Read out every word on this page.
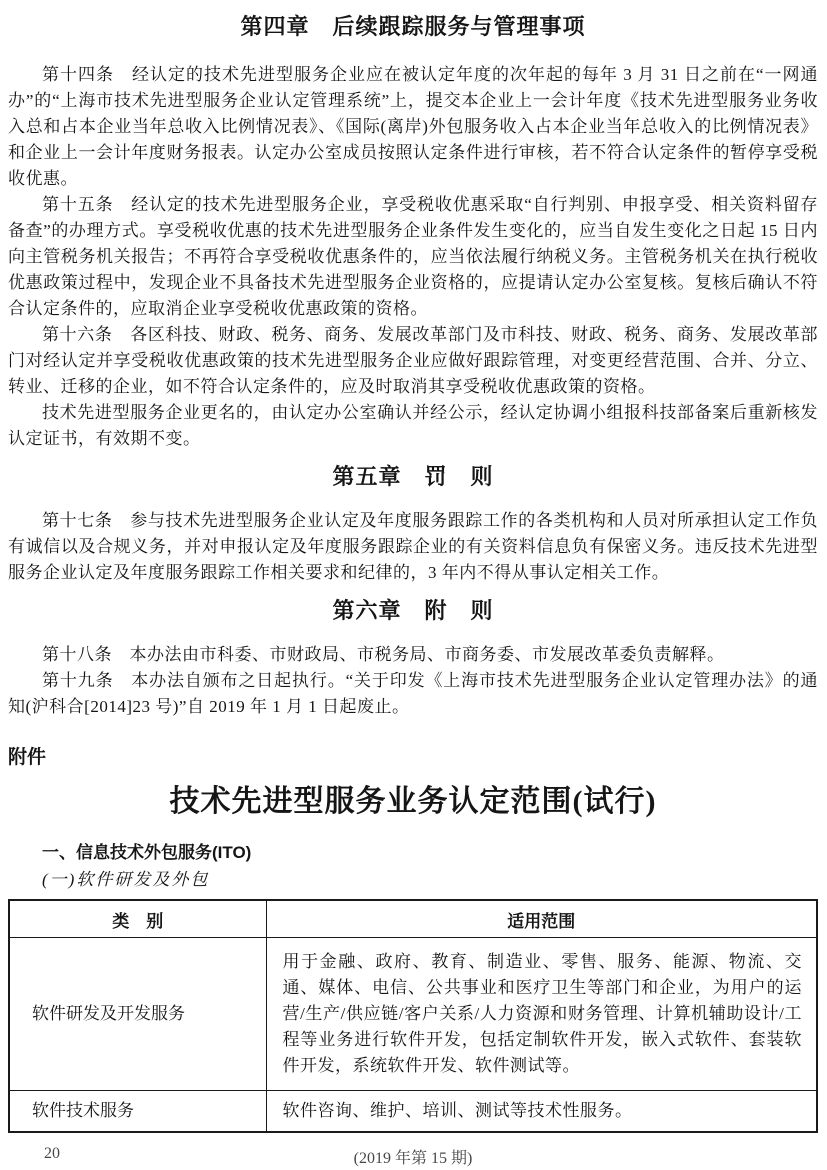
第四章　后续跟踪服务与管理事项

第十四条　经认定的技术先进型服务企业应在被认定年度的次年起的每年 3 月 31 日之前在“一网通办”的“上海市技术先进型服务企业认定管理系统”上，提交本企业上一会计年度《技术先进型服务业务收入总和占本企业当年总收入比例情况表》、《国际(离岸)外包服务收入占本企业当年总收入的比例情况表》和企业上一会计年度财务报表。认定办公室成员按照认定条件进行审核，若不符合认定条件的暂停享受税收优惠。

第十五条　经认定的技术先进型服务企业，享受税收优惠采取“自行判别、申报享受、相关资料留存备查”的办理方式。享受税收优惠的技术先进型服务企业条件发生变化的，应当自发生变化之日起 15 日内向主管税务机关报告；不再符合享受税收优惠条件的，应当依法履行纳税义务。主管税务机关在执行税收优惠政策过程中，发现企业不具备技术先进型服务企业资格的，应提请认定办公室复核。复核后确认不符合认定条件的，应取消企业享受税收优惠政策的资格。

第十六条　各区科技、财政、税务、商务、发展改革部门及市科技、财政、税务、商务、发展改革部门对经认定并享受税收优惠政策的技术先进型服务企业应做好跟踪管理，对变更经营范围、合并、分立、转业、迁移的企业，如不符合认定条件的，应及时取消其享受税收优惠政策的资格。

技术先进型服务企业更名的，由认定办公室确认并经公示，经认定协调小组报科技部备案后重新核发认定证书，有效期不变。

第五章　罚　则

第十七条　参与技术先进型服务企业认定及年度服务跟踪工作的各类机构和人员对所承担认定工作负有诚信以及合规义务，并对申报认定及年度服务跟踪企业的有关资料信息负有保密义务。违反技术先进型服务企业认定及年度服务跟踪工作相关要求和纪律的，3 年内不得从事认定相关工作。

第六章　附　则

第十八条　本办法由市科委、市财政局、市税务局、市商务委、市发展改革委负责解释。

第十九条　本办法自颁布之日起执行。“关于印发《上海市技术先进型服务企业认定管理办法》的通知(沪科合[2014]23 号)”自 2019 年 1 月 1 日起废止。

附件
技术先进型服务业务认定范围(试行)
一、信息技术外包服务(ITO)
(一)软件研发及外包
类　别	适用范围
软件研发及开发服务	用于金融、政府、教育、制造业、零售、服务、能源、物流、交通、媒体、电信、公共事业和医疗卫生等部门和企业，为用户的运营/生产/供应链/客户关系/人力资源和财务管理、计算机辅助设计/工程等业务进行软件开发，包括定制软件开发，嵌入式软件、套装软件开发，系统软件开发、软件测试等。
软件技术服务	软件咨询、维护、培训、测试等技术性服务。
20	(2019 年第 15 期)
